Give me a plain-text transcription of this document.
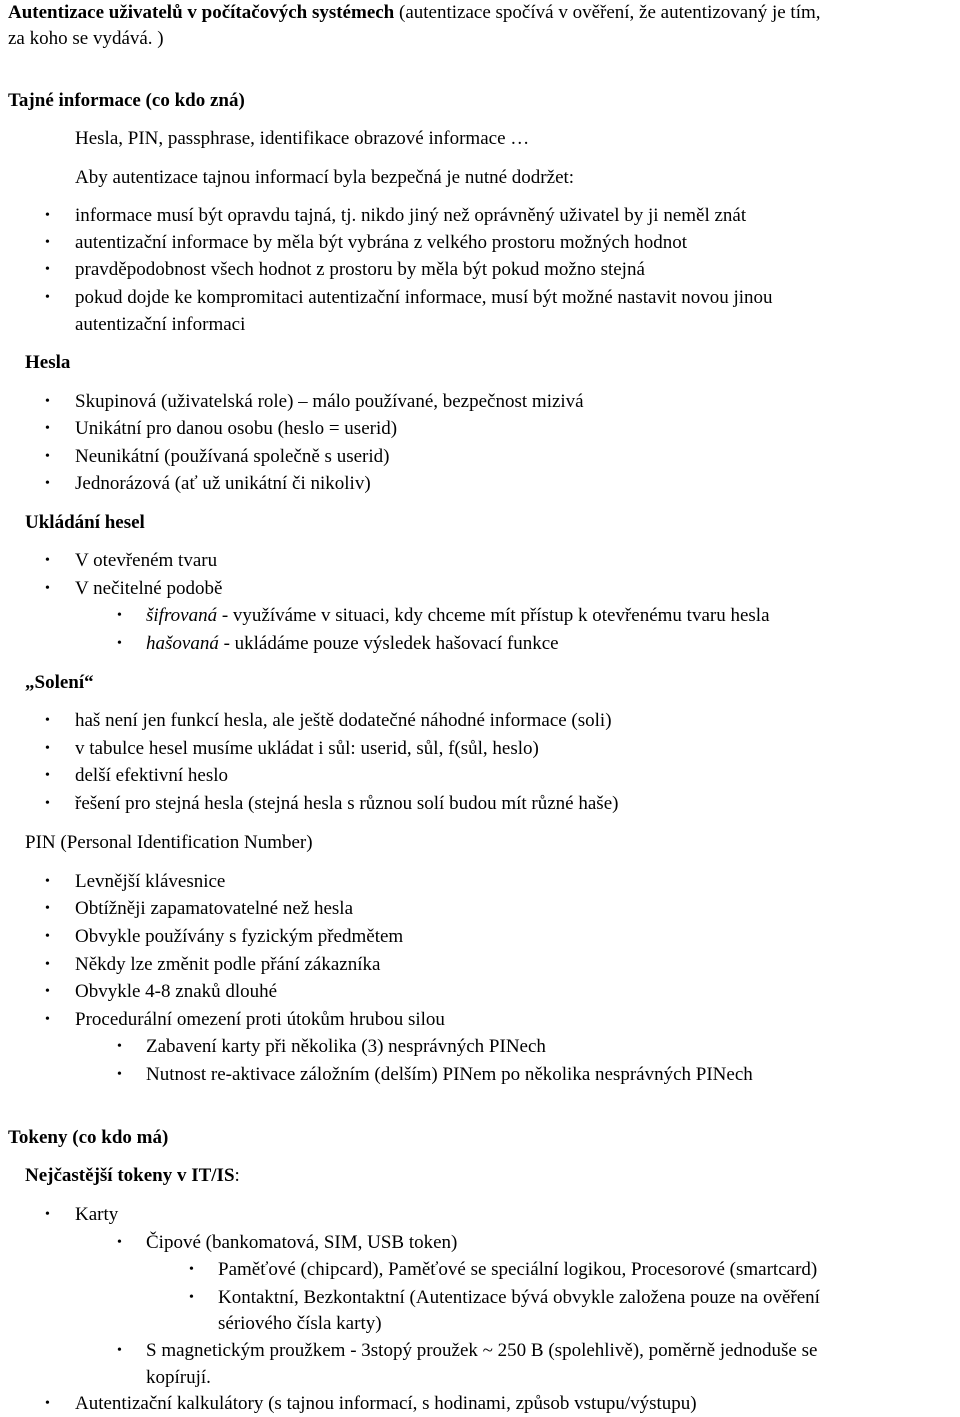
Autentizace uživatelů v počítačových systémech (autentizace spočívá v ověření, že autentizovaný je tím,
za koho se vydává. )
Tajné informace (co kdo zná)
Hesla, PIN, passphrase, identifikace obrazové informace …
Aby autentizace tajnou informací byla bezpečná je nutné dodržet:
• informace musí být opravdu tajná, tj. nikdo jiný než oprávněný uživatel by ji neměl znát
• autentizační informace by měla být vybrána z velkého prostoru možných hodnot
• pravděpodobnost všech hodnot z prostoru by měla být pokud možno stejná
• pokud dojde ke kompromitaci autentizační informace, musí být možné nastavit novou jinou
autentizační informaci
Hesla
• Skupinová (uživatelská role) – málo používané, bezpečnost mizivá
• Unikátní pro danou osobu (heslo = userid)
• Neunikátní (používaná společně s userid)
• Jednorázová (ať už unikátní či nikoliv)
Ukládání hesel
• V otevřeném tvaru
• V nečitelné podobě
• šifrovaná - využíváme v situaci, kdy chceme mít přístup k otevřenému tvaru hesla
• hašovaná - ukládáme pouze výsledek hašovací funkce
„Solení“
• haš není jen funkcí hesla, ale ještě dodatečné náhodné informace (soli)
• v tabulce hesel musíme ukládat i sůl: userid, sůl, f(sůl, heslo)
• delší efektivní heslo
• řešení pro stejná hesla (stejná hesla s různou solí budou mít různé haše)
PIN (Personal Identification Number)
• Levnější klávesnice
• Obtížněji zapamatovatelné než hesla
• Obvykle používány s fyzickým předmětem
• Někdy lze změnit podle přání zákazníka
• Obvykle 4-8 znaků dlouhé
• Procedurální omezení proti útokům hrubou silou
• Zabavení karty při několika (3) nesprávných PINech
• Nutnost re-aktivace záložním (delším) PINem po několika nesprávných PINech
Tokeny (co kdo má)
Nejčastější tokeny v IT/IS:
• Karty
• Čipové (bankomatová, SIM, USB token)
• Paměťové (chipcard), Paměťové se speciální logikou, Procesorové (smartcard)
• Kontaktní, Bezkontaktní (Autentizace bývá obvykle založena pouze na ověření
sériového čísla karty)
• S magnetickým proužkem - 3stopý proužek ~ 250 B (spolehlivě), poměrně jednoduše se
kopírují.
• Autentizační kalkulátory (s tajnou informací, s hodinami, způsob vstupu/výstupu)
